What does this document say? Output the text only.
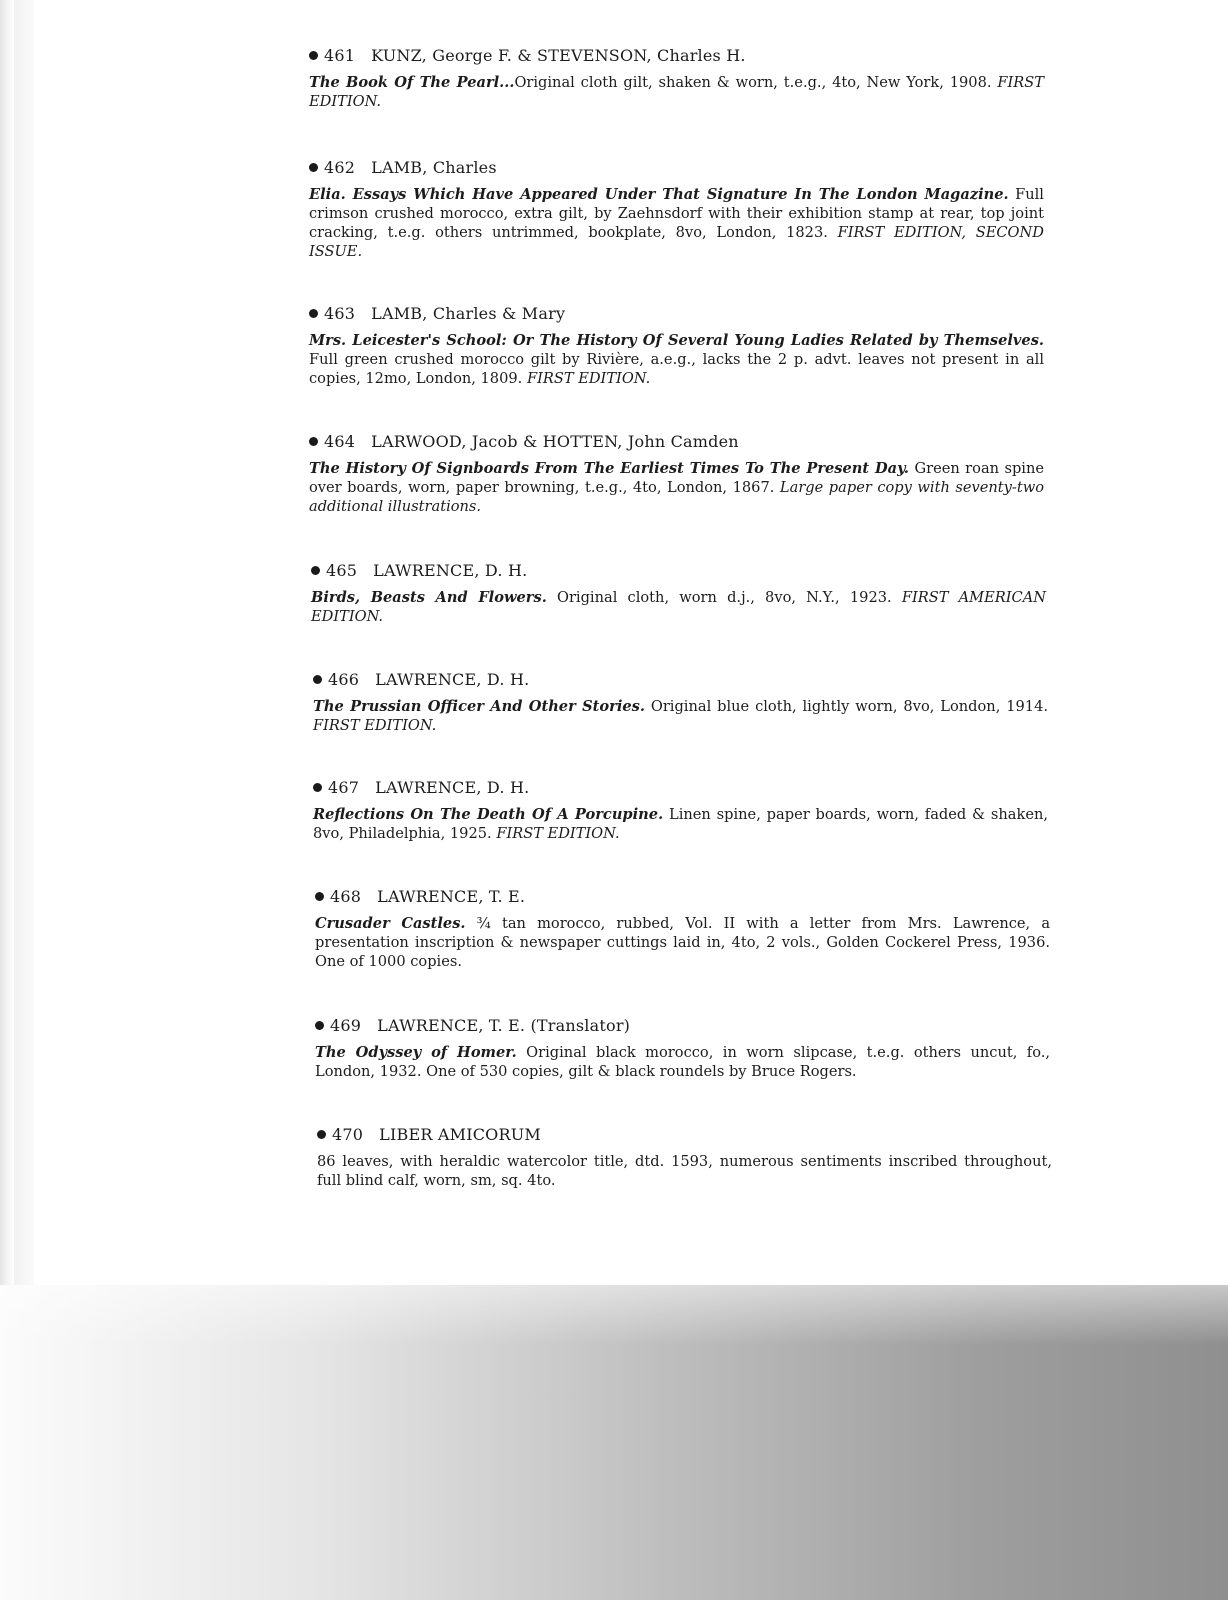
461 KUNZ, George F. & STEVENSON, Charles H.
The Book Of The Pearl...Original cloth gilt, shaken & worn, t.e.g., 4to, New York, 1908. FIRST EDITION.
462 LAMB, Charles
Elia. Essays Which Have Appeared Under That Signature In The London Magazine. Full crimson crushed morocco, extra gilt, by Zaehnsdorf with their exhibition stamp at rear, top joint cracking, t.e.g. others untrimmed, bookplate, 8vo, London, 1823. FIRST EDITION, SECOND ISSUE.
463 LAMB, Charles & Mary
Mrs. Leicester's School: Or The History Of Several Young Ladies Related by Themselves. Full green crushed morocco gilt by Rivière, a.e.g., lacks the 2 p. advt. leaves not present in all copies, 12mo, London, 1809. FIRST EDITION.
464 LARWOOD, Jacob & HOTTEN, John Camden
The History Of Signboards From The Earliest Times To The Present Day. Green roan spine over boards, worn, paper browning, t.e.g., 4to, London, 1867. Large paper copy with seventy-two additional illustrations.
465 LAWRENCE, D. H.
Birds, Beasts And Flowers. Original cloth, worn d.j., 8vo, N.Y., 1923. FIRST AMERICAN EDITION.
466 LAWRENCE, D. H.
The Prussian Officer And Other Stories. Original blue cloth, lightly worn, 8vo, London, 1914. FIRST EDITION.
467 LAWRENCE, D. H.
Reflections On The Death Of A Porcupine. Linen spine, paper boards, worn, faded & shaken, 8vo, Philadelphia, 1925. FIRST EDITION.
468 LAWRENCE, T. E.
Crusader Castles. ¾ tan morocco, rubbed, Vol. II with a letter from Mrs. Lawrence, a presentation inscription & newspaper cuttings laid in, 4to, 2 vols., Golden Cockerel Press, 1936. One of 1000 copies.
469 LAWRENCE, T. E. (Translator)
The Odyssey of Homer. Original black morocco, in worn slipcase, t.e.g. others uncut, fo., London, 1932. One of 530 copies, gilt & black roundels by Bruce Rogers.
470 LIBER AMICORUM
86 leaves, with heraldic watercolor title, dtd. 1593, numerous sentiments inscribed throughout, full blind calf, worn, sm, sq. 4to.
